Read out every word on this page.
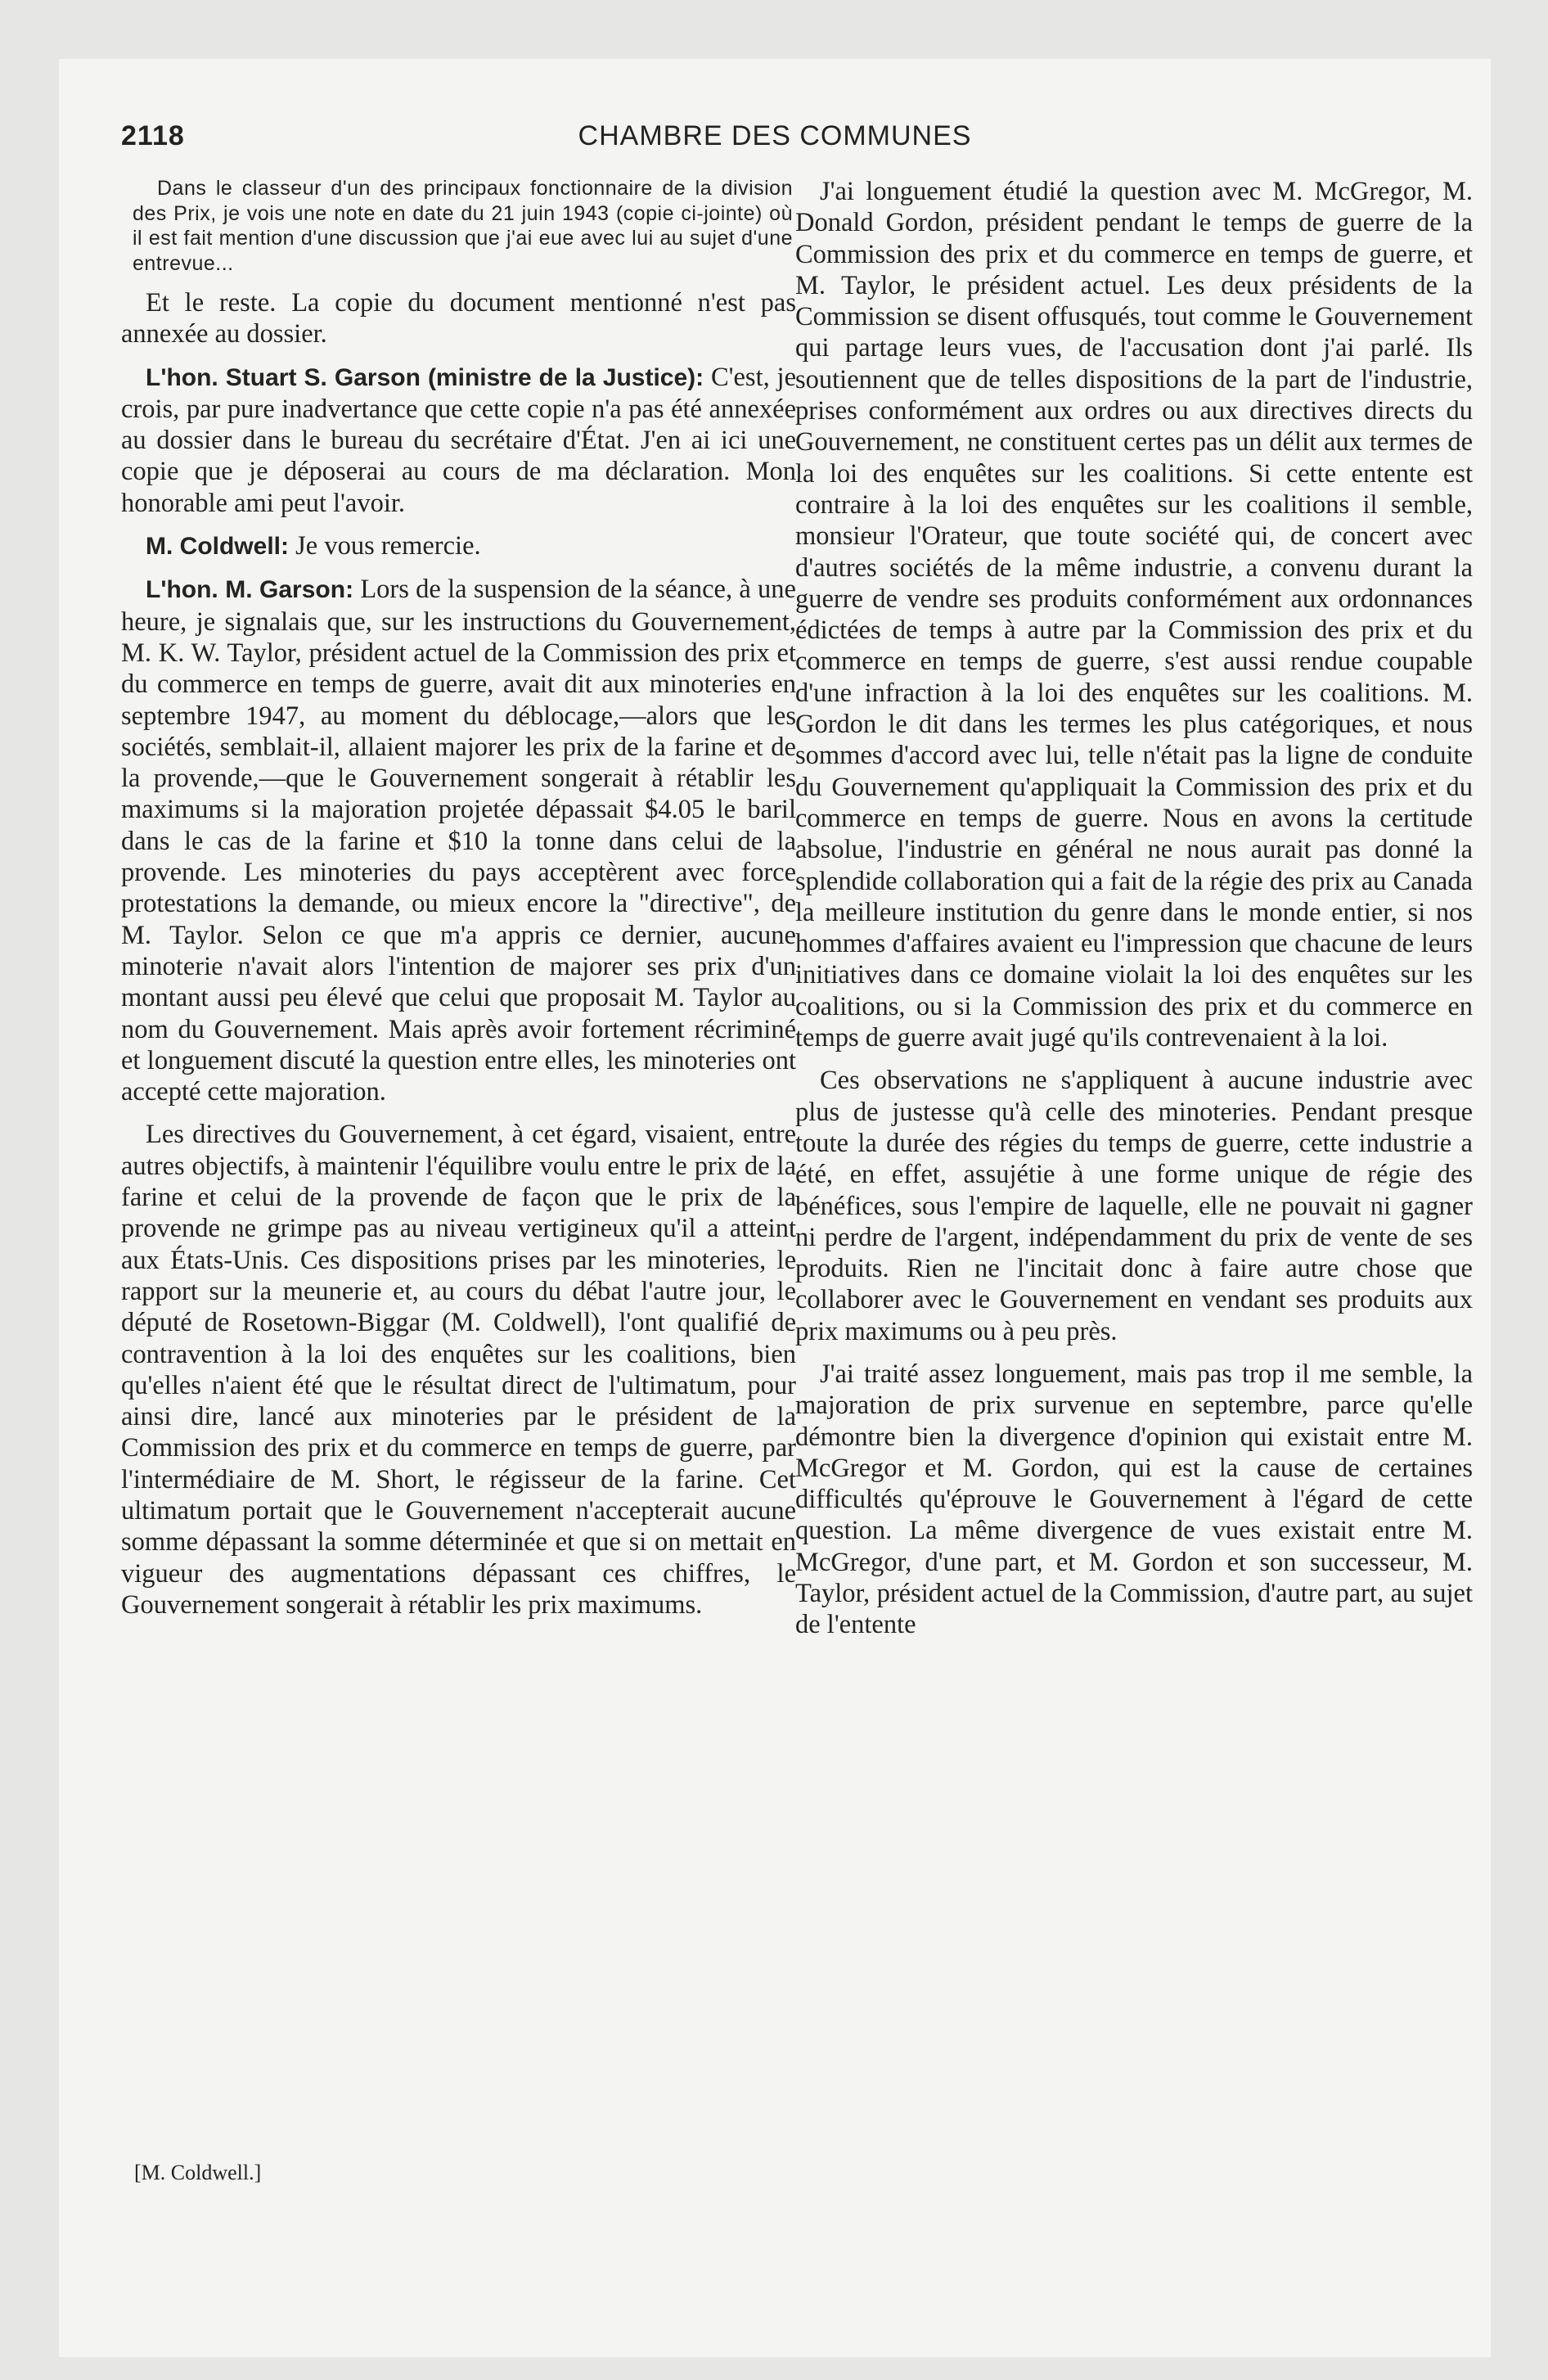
2118	CHAMBRE DES COMMUNES

Dans le classeur d'un des principaux fonctionnaire de la division des Prix, je vois une note en date du 21 juin 1943 (copie ci-jointe) où il est fait mention d'une discussion que j'ai eue avec lui au sujet d'une entrevue...

Et le reste. La copie du document mentionné n'est pas annexée au dossier.

L'hon. Stuart S. Garson (ministre de la Justice): C'est, je crois, par pure inadvertance que cette copie n'a pas été annexée au dossier dans le bureau du secrétaire d'État. J'en ai ici une copie que je déposerai au cours de ma déclaration. Mon honorable ami peut l'avoir.

M. Coldwell: Je vous remercie.

L'hon. M. Garson: Lors de la suspension de la séance, à une heure, je signalais que, sur les instructions du Gouvernement, M. K. W. Taylor, président actuel de la Commission des prix et du commerce en temps de guerre, avait dit aux minoteries en septembre 1947, au moment du déblocage,—alors que les sociétés, semblait-il, allaient majorer les prix de la farine et de la provende,—que le Gouvernement songerait à rétablir les maximums si la majoration projetée dépassait $4.05 le baril dans le cas de la farine et $10 la tonne dans celui de la provende. Les minoteries du pays acceptèrent avec force protestations la demande, ou mieux encore la "directive", de M. Taylor. Selon ce que m'a appris ce dernier, aucune minoterie n'avait alors l'intention de majorer ses prix d'un montant aussi peu élevé que celui que proposait M. Taylor au nom du Gouvernement. Mais après avoir fortement récriminé et longuement discuté la question entre elles, les minoteries ont accepté cette majoration.

Les directives du Gouvernement, à cet égard, visaient, entre autres objectifs, à maintenir l'équilibre voulu entre le prix de la farine et celui de la provende de façon que le prix de la provende ne grimpe pas au niveau vertigineux qu'il a atteint aux États-Unis. Ces dispositions prises par les minoteries, le rapport sur la meunerie et, au cours du débat l'autre jour, le député de Rosetown-Biggar (M. Coldwell), l'ont qualifié de contravention à la loi des enquêtes sur les coalitions, bien qu'elles n'aient été que le résultat direct de l'ultimatum, pour ainsi dire, lancé aux minoteries par le président de la Commission des prix et du commerce en temps de guerre, par l'intermédiaire de M. Short, le régisseur de la farine. Cet ultimatum portait que le Gouvernement n'accepterait aucune somme dépassant la somme déterminée et que si on mettait en vigueur des augmentations dépassant ces chiffres, le Gouvernement songerait à rétablir les prix maximums.

[M. Coldwell.]

J'ai longuement étudié la question avec M. McGregor, M. Donald Gordon, président pendant le temps de guerre de la Commission des prix et du commerce en temps de guerre, et M. Taylor, le président actuel. Les deux présidents de la Commission se disent offusqués, tout comme le Gouvernement qui partage leurs vues, de l'accusation dont j'ai parlé. Ils soutiennent que de telles dispositions de la part de l'industrie, prises conformément aux ordres ou aux directives directs du Gouvernement, ne constituent certes pas un délit aux termes de la loi des enquêtes sur les coalitions. Si cette entente est contraire à la loi des enquêtes sur les coalitions il semble, monsieur l'Orateur, que toute société qui, de concert avec d'autres sociétés de la même industrie, a convenu durant la guerre de vendre ses produits conformément aux ordonnances édictées de temps à autre par la Commission des prix et du commerce en temps de guerre, s'est aussi rendue coupable d'une infraction à la loi des enquêtes sur les coalitions. M. Gordon le dit dans les termes les plus catégoriques, et nous sommes d'accord avec lui, telle n'était pas la ligne de conduite du Gouvernement qu'appliquait la Commission des prix et du commerce en temps de guerre. Nous en avons la certitude absolue, l'industrie en général ne nous aurait pas donné la splendide collaboration qui a fait de la régie des prix au Canada la meilleure institution du genre dans le monde entier, si nos hommes d'affaires avaient eu l'impression que chacune de leurs initiatives dans ce domaine violait la loi des enquêtes sur les coalitions, ou si la Commission des prix et du commerce en temps de guerre avait jugé qu'ils contrevenaient à la loi.

Ces observations ne s'appliquent à aucune industrie avec plus de justesse qu'à celle des minoteries. Pendant presque toute la durée des régies du temps de guerre, cette industrie a été, en effet, assujétie à une forme unique de régie des bénéfices, sous l'empire de laquelle, elle ne pouvait ni gagner ni perdre de l'argent, indépendamment du prix de vente de ses produits. Rien ne l'incitait donc à faire autre chose que collaborer avec le Gouvernement en vendant ses produits aux prix maximums ou à peu près.

J'ai traité assez longuement, mais pas trop il me semble, la majoration de prix survenue en septembre, parce qu'elle démontre bien la divergence d'opinion qui existait entre M. McGregor et M. Gordon, qui est la cause de certaines difficultés qu'éprouve le Gouvernement à l'égard de cette question. La même divergence de vues existait entre M. McGregor, d'une part, et M. Gordon et son successeur, M. Taylor, président actuel de la Commission, d'autre part, au sujet de l'entente
